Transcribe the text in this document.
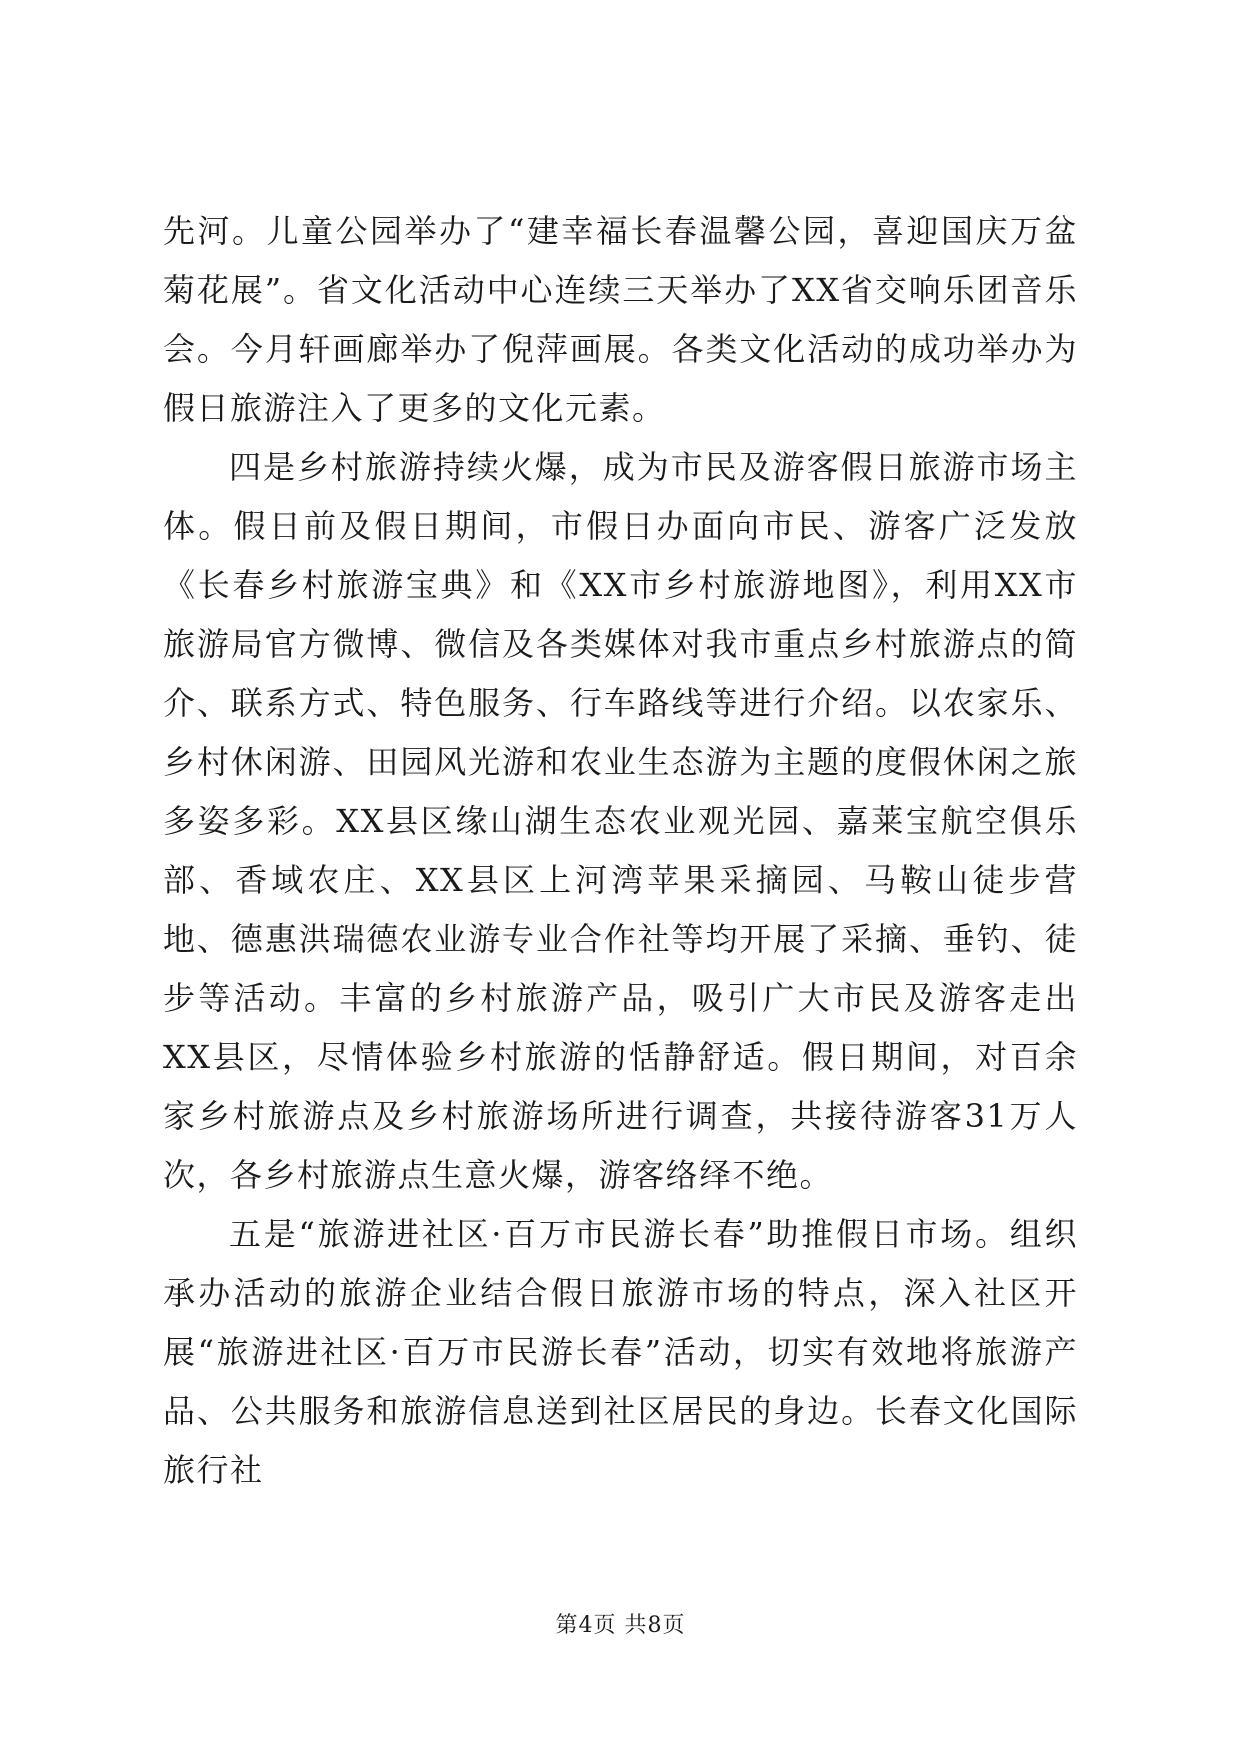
先河。儿童公园举办了“建幸福长春温馨公园，喜迎国庆万盆菊花展”。省文化活动中心连续三天举办了XX省交响乐团音乐会。今月轩画廊举办了倪萍画展。各类文化活动的成功举办为假日旅游注入了更多的文化元素。

四是乡村旅游持续火爆，成为市民及游客假日旅游市场主体。假日前及假日期间，市假日办面向市民、游客广泛发放《长春乡村旅游宝典》和《XX市乡村旅游地图》，利用XX市旅游局官方微博、微信及各类媒体对我市重点乡村旅游点的简介、联系方式、特色服务、行车路线等进行介绍。以农家乐、乡村休闲游、田园风光游和农业生态游为主题的度假休闲之旅多姿多彩。XX县区缘山湖生态农业观光园、嘉莱宝航空俱乐部、香域农庄、XX县区上河湾苹果采摘园、马鞍山徒步营地、德惠洪瑞德农业游专业合作社等均开展了采摘、垂钓、徒步等活动。丰富的乡村旅游产品，吸引广大市民及游客走出XX县区，尽情体验乡村旅游的恬静舒适。假日期间，对百余家乡村旅游点及乡村旅游场所进行调查，共接待游客31万人次，各乡村旅游点生意火爆，游客络绎不绝。

五是“旅游进社区·百万市民游长春”助推假日市场。组织承办活动的旅游企业结合假日旅游市场的特点，深入社区开展“旅游进社区·百万市民游长春”活动，切实有效地将旅游产品、公共服务和旅游信息送到社区居民的身边。长春文化国际旅行社

第4页 共8页
